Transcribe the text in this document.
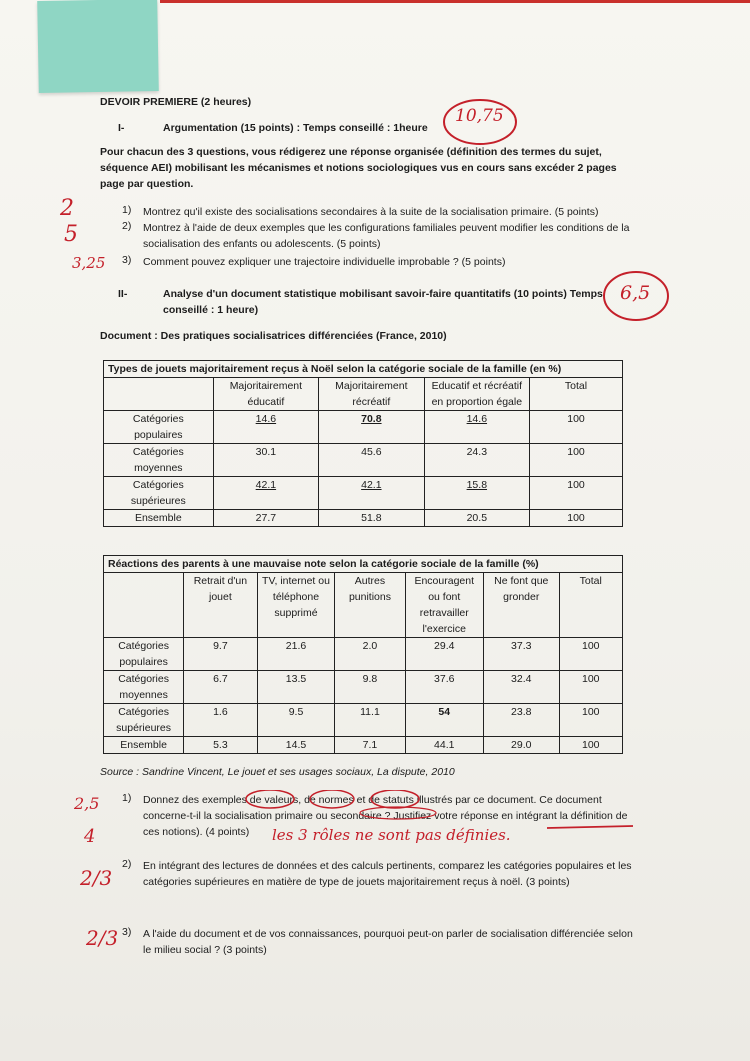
DEVOIR PREMIERE (2 heures)
I-	Argumentation (15 points) : Temps conseillé : 1heure
Pour chacun des 3 questions, vous rédigerez une réponse organisée (définition des termes du sujet, séquence AEI) mobilisant les mécanismes et notions sociologiques vus en cours sans excéder 2 pages page par question.
1) Montrez qu'il existe des socialisations secondaires à la suite de la socialisation primaire. (5 points)
2) Montrez à l'aide de deux exemples que les configurations familiales peuvent modifier les conditions de la socialisation des enfants ou adolescents. (5 points)
3) Comment pouvez expliquer une trajectoire individuelle improbable ? (5 points)
II-	Analyse d'un document statistique mobilisant savoir-faire quantitatifs (10 points) Temps conseillé : 1 heure)
Document : Des pratiques socialisatrices différenciées (France, 2010)
Types de jouets majoritairement reçus à Noël selon la catégorie sociale de la famille (en %)				
	Majoritairement éducatif	Majoritairement récréatif	Educatif et récréatif en proportion égale	Total
Catégories populaires	14.6	70.8	14.6	100
Catégories moyennes	30.1	45.6	24.3	100
Catégories supérieures	42.1	42.1	15.8	100
Ensemble	27.7	51.8	20.5	100
Réactions des parents à une mauvaise note selon la catégorie sociale de la famille (%)						
	Retrait d'un jouet	TV, internet ou téléphone supprimé	Autres punitions	Encouragent ou font retravailler l'exercice	Ne font que gronder	Total
Catégories populaires	9.7	21.6	2.0	29.4	37.3	100
Catégories moyennes	6.7	13.5	9.8	37.6	32.4	100
Catégories supérieures	1.6	9.5	11.1	54	23.8	100
Ensemble	5.3	14.5	7.1	44.1	29.0	100
Source : Sandrine Vincent, Le jouet et ses usages sociaux, La dispute, 2010
1) Donnez des exemples de valeurs, de normes et de statuts illustrés par ce document. Ce document concerne-t-il la socialisation primaire ou secondaire ? Justifiez votre réponse en intégrant la définition de ces notions). (4 points)
2) En intégrant des lectures de données et des calculs pertinents, comparez les catégories populaires et les catégories supérieures en matière de type de jouets majoritairement reçus à noël. (3 points)
3) A l'aide du document et de vos connaissances, pourquoi peut-on parler de socialisation différenciée selon le milieu social ? (3 points)
10,75
6,5
2
5
3,25
2,5
4
2/3
2/3
les 3 rôles ne sont pas définies.
